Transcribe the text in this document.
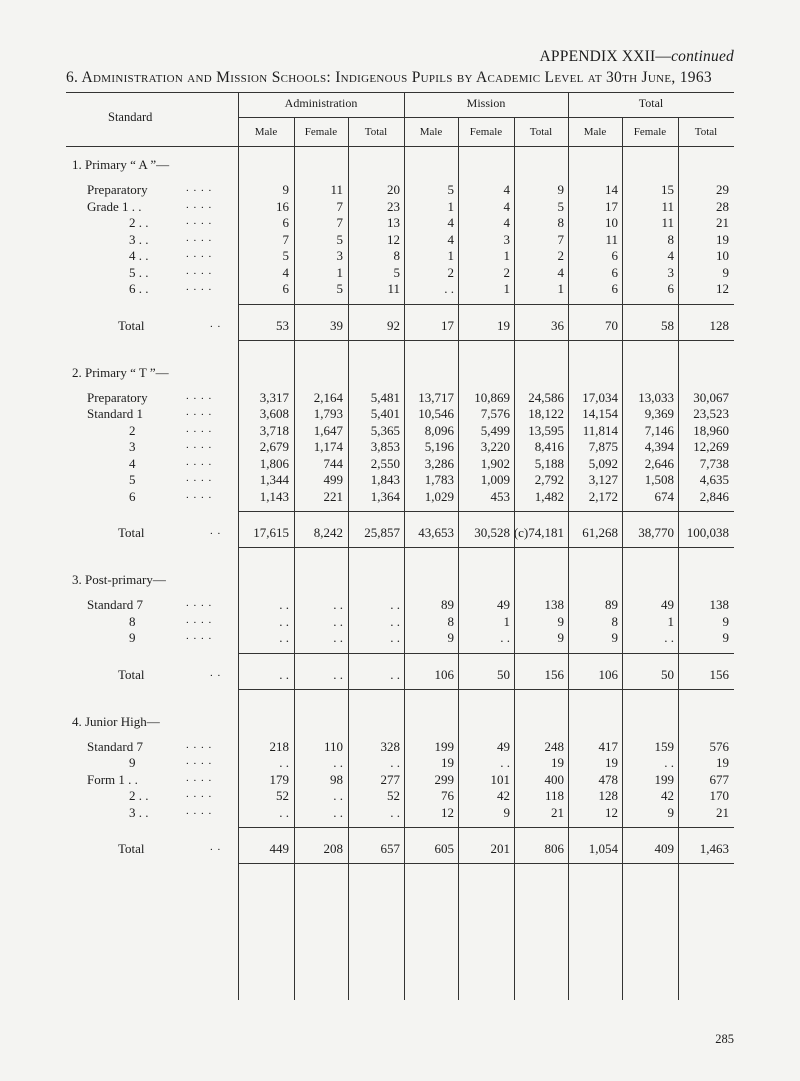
APPENDIX XXII—continued
6. Administration and Mission Schools: Indigenous Pupils by Academic Level at 30th June, 1963
285
Standard
Administration	Mission	Total
Male	Female	Total	Male	Female	Total	Male	Female	Total
1. Primary “ A ”—
Preparatory	. . . .	9	11	20	5	4	9	14	15	29
Grade 1 . .	. . . .	16	7	23	1	4	5	17	11	28
2 . .	. . . .	6	7	13	4	4	8	10	11	21
3 . .	. . . .	7	5	12	4	3	7	11	8	19
4 . .	. . . .	5	3	8	1	1	2	6	4	10
5 . .	. . . .	4	1	5	2	2	4	6	3	9
6 . .	. . . .	6	5	11	. .	1	1	6	6	12
Total	. .	53	39	92	17	19	36	70	58	128
2. Primary “ T ”—
Preparatory	. . . .	3,317	2,164	5,481	13,717	10,869	24,586	17,034	13,033	30,067
Standard 1	. . . .	3,608	1,793	5,401	10,546	7,576	18,122	14,154	9,369	23,523
2	. . . .	3,718	1,647	5,365	8,096	5,499	13,595	11,814	7,146	18,960
3	. . . .	2,679	1,174	3,853	5,196	3,220	8,416	7,875	4,394	12,269
4	. . . .	1,806	744	2,550	3,286	1,902	5,188	5,092	2,646	7,738
5	. . . .	1,344	499	1,843	1,783	1,009	2,792	3,127	1,508	4,635
6	. . . .	1,143	221	1,364	1,029	453	1,482	2,172	674	2,846
Total	. .	17,615	8,242	25,857	43,653	30,528 (c)74,181	61,268	38,770 100,038
3. Post-primary—
Standard 7	. . . .	. .	. .	. .	89	49	138	89	49	138
8	. . . .	. .	. .	. .	8	1	9	8	1	9
9	. . . .	. .	. .	. .	9	. .	9	9	. .	9
Total	. .	. .	. .	. .	106	50	156	106	50	156
4. Junior High—
Standard 7	. . . .	218	110	328	199	49	248	417	159	576
9	. . . .	. .	. .	. .	19	. .	19	19	. .	19
Form 1 . .	. . . .	179	98	277	299	101	400	478	199	677
2 . .	. . . .	52	. .	52	76	42	118	128	42	170
3 . .	. . . .	. .	. .	. .	12	9	21	12	9	21
Total	. .	449	208	657	605	201	806	1,054	409	1,463
